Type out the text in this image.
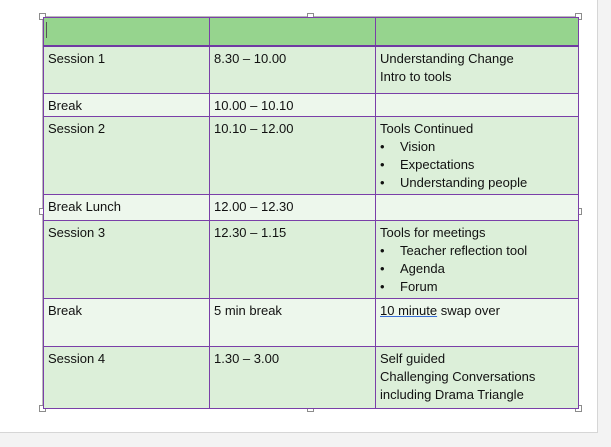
Session 1	8.30 – 10.00	Understanding Change
Intro to tools

Break	10.00 – 10.10	
Session 2	10.10 – 12.00	Tools Continued
• Vision
• Expectations
• Understanding people

Break Lunch	12.00 – 12.30	
Session 3	12.30 – 1.15	Tools for meetings
• Teacher reflection tool
• Agenda
• Forum

Break	5 min break	10 minute swap over
Session 4	1.30 – 3.00	Self guided
Challenging Conversations
including Drama Triangle
